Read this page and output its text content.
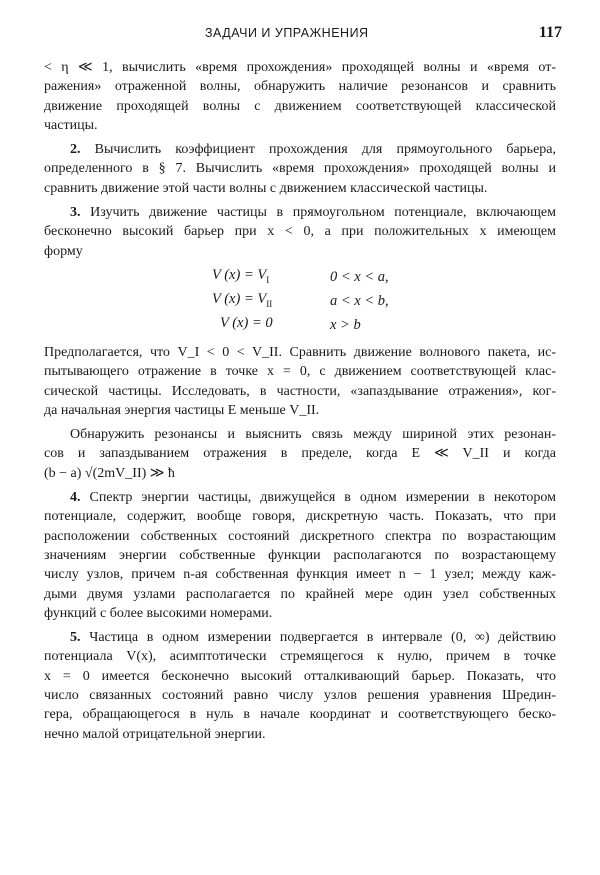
ЗАДАЧИ И УПРАЖНЕНИЯ	117
< η ≪ 1, вычислить «время прохождения» проходящей волны и «время от-
ражения» отраженной волны, обнаружить наличие резонансов и сравнить
движение проходящей волны с движением соответствующей классической
частицы.
2. Вычислить коэффициент прохождения для прямоугольного барьера,
определенного в § 7. Вычислить «время прохождения» проходящей волны и
сравнить движение этой части волны с движением классической частицы.
3. Изучить движение частицы в прямоугольном потенциале, включающем
бесконечно высокий барьер при x < 0, а при положительных x имеющем
форму
V $(x) = V_I$	0 < x < a,
V $(x) = V_{II}$	a < x < b,
V (x) = 0	x > b
Предполагается, что V_I < 0 < V_II. Сравнить движение волнового пакета, ис-
пытывающего отражение в точке x = 0, с движением соответствующей клас-
сической частицы. Исследовать, в частности, «запаздывание отражения», ког-
да начальная энергия частицы E меньше V_II.
Обнаружить резонансы и выяснить связь между шириной этих резонан-
сов и запаздыванием отражения в пределе, когда E ≪ V_II и когда
(b − a) √(2mV_II) ≫ ħ
4. Спектр энергии частицы, движущейся в одном измерении в некотором
потенциале, содержит, вообще говоря, дискретную часть. Показать, что при
расположении собственных состояний дискретного спектра по возрастающим
значениям энергии собственные функции располагаются по возрастающему
числу узлов, причем n-ая собственная функция имеет n − 1 узел; между каж-
дыми двумя узлами располагается по крайней мере один узел собственных
функций с более высокими номерами.
5. Частица в одном измерении подвергается в интервале (0, ∞) действию
потенциала V(x), асимптотически стремящегося к нулю, причем в точке
x = 0 имеется бесконечно высокий отталкивающий барьер. Показать, что
число связанных состояний равно числу узлов решения уравнения Шредин-
гера, обращающегося в нуль в начале координат и соответствующего беско-
нечно малой отрицательной энергии.
